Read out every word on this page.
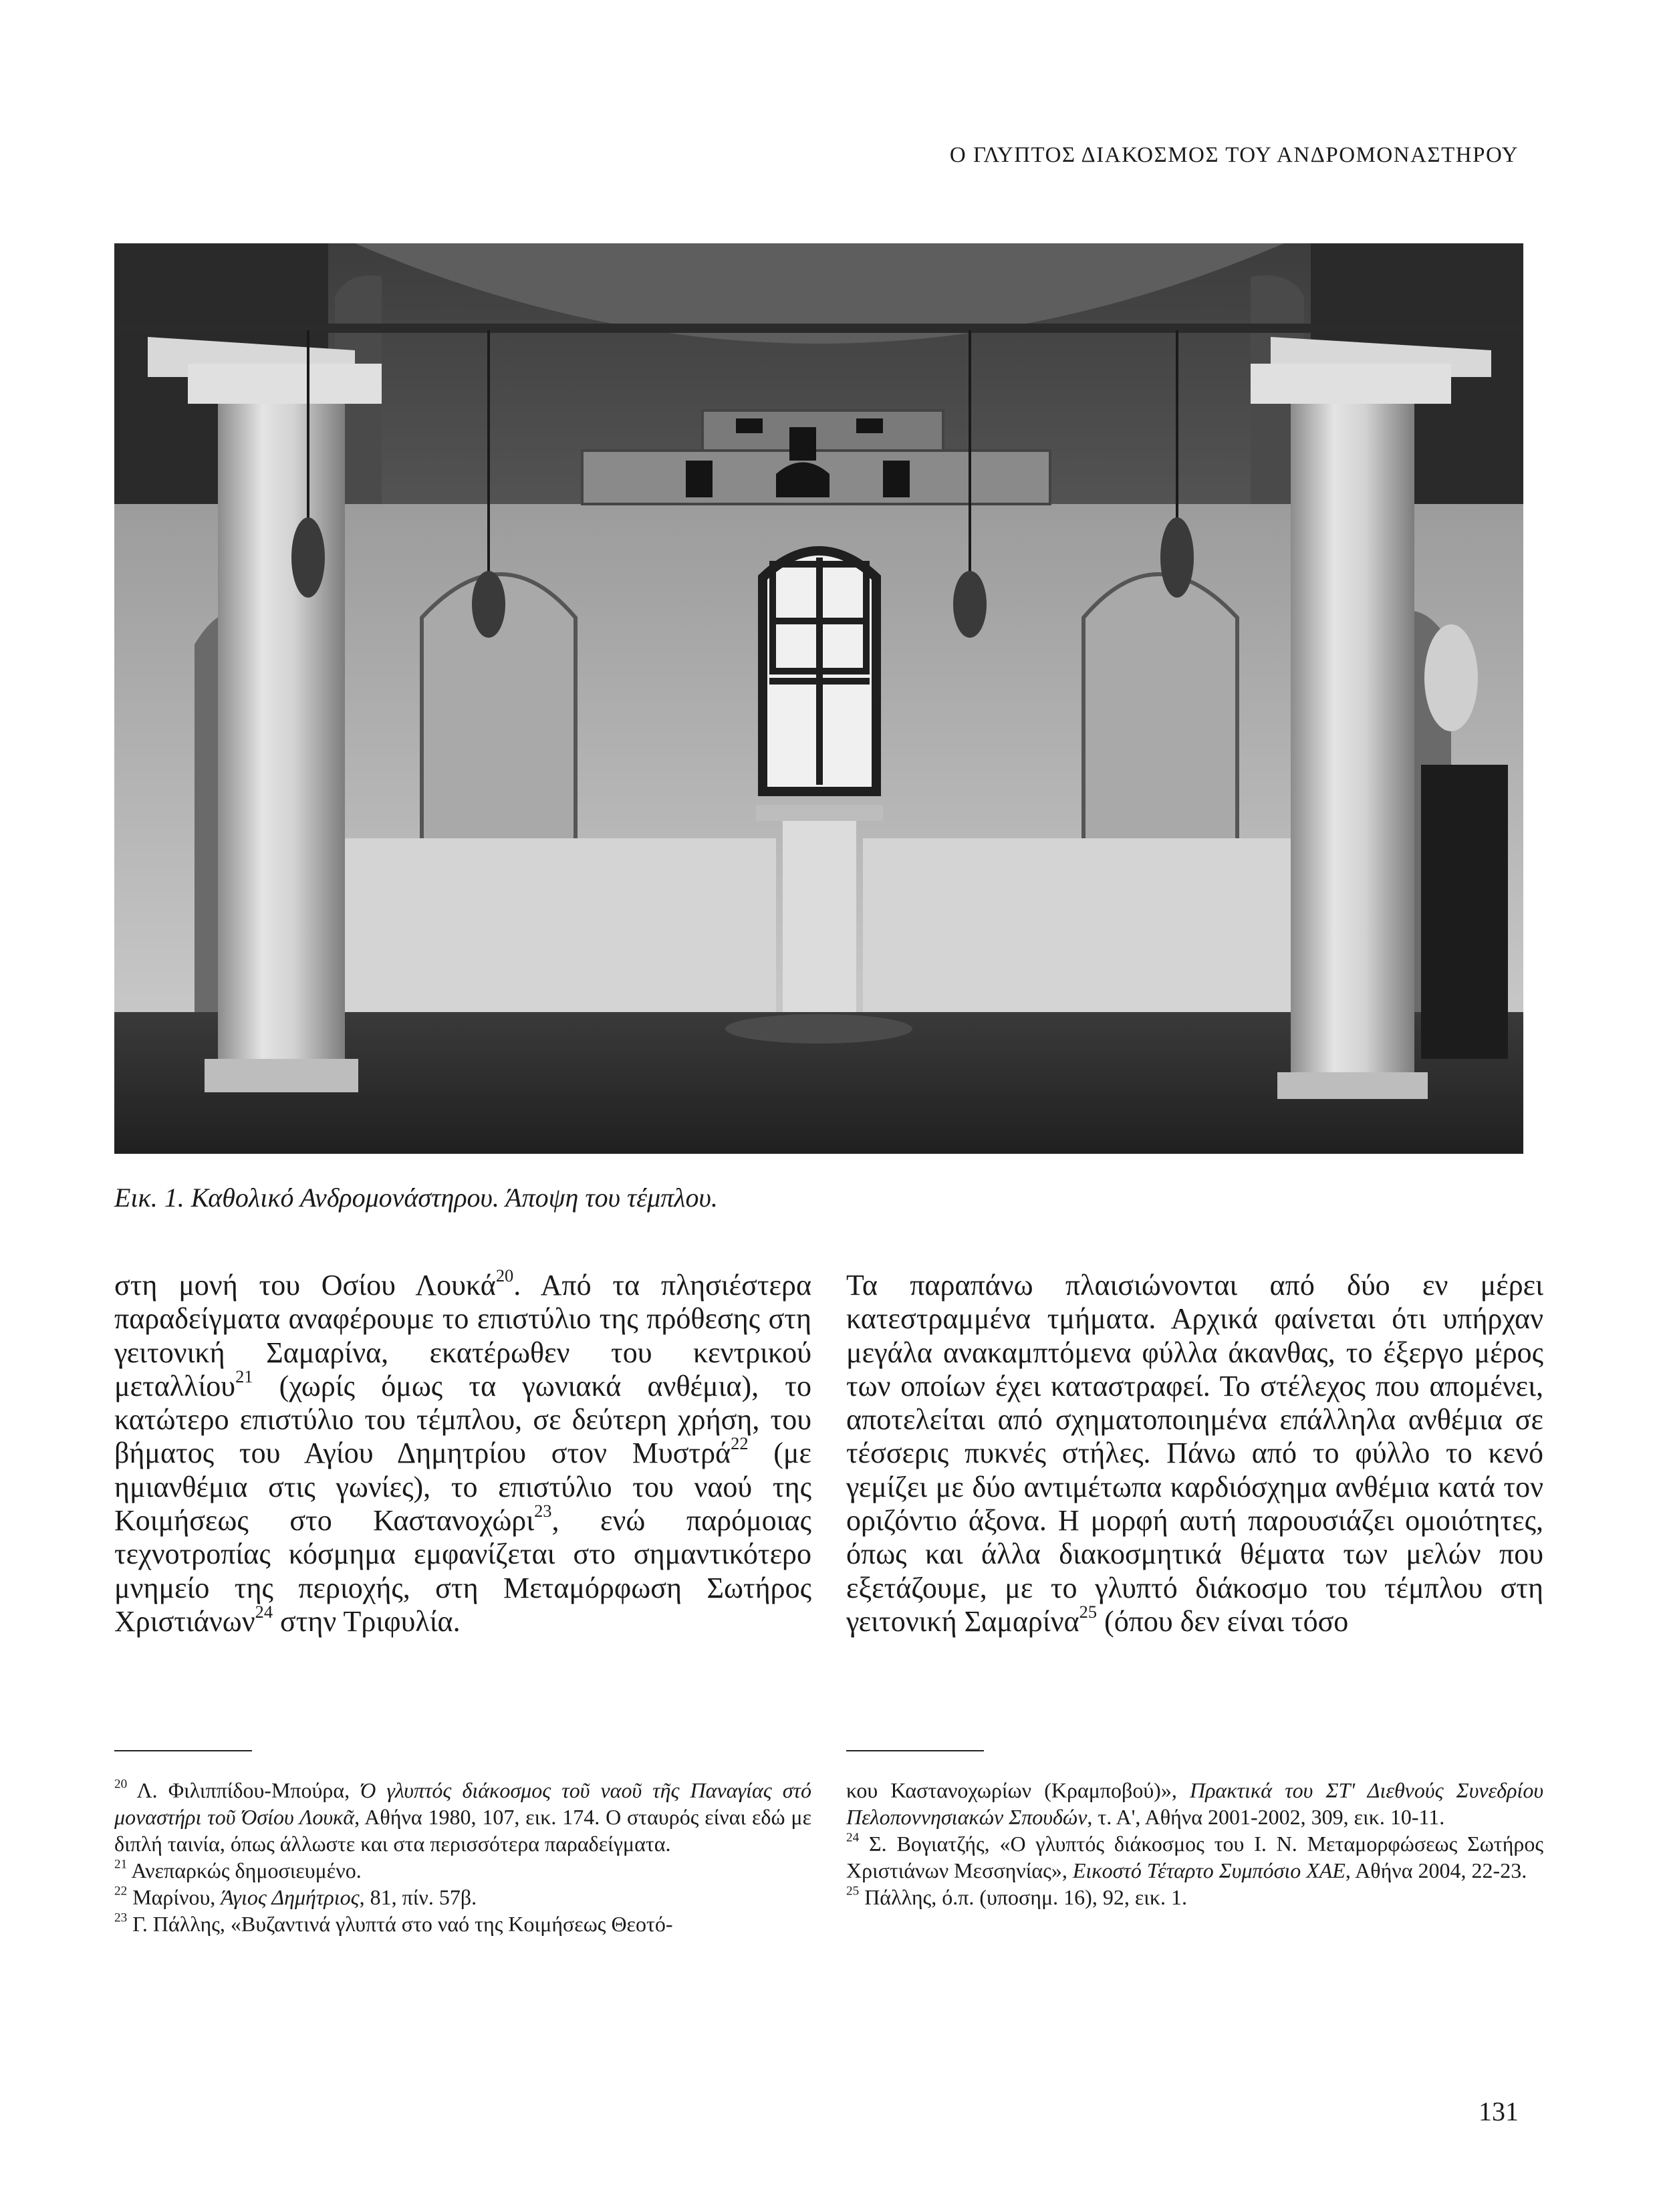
Ο ΓΛΥΠΤΟΣ ΔΙΑΚΟΣΜΟΣ ΤΟΥ ΑΝΔΡΟΜΟΝΑΣΤΗΡΟΥ
Εικ. 1. Καθολικό Ανδρομονάστηρου. Άποψη του τέμπλου.

στη μονή του Οσίου Λουκά$^{20}$. Από τα πλησιέστερα παραδείγματα αναφέρουμε το επιστύλιο της πρόθεσης στη γειτονική Σαμαρίνα, εκατέρωθεν του κεντρικού μεταλλίου$^{21}$ (χωρίς όμως τα γωνιακά ανθέμια), το κατώτερο επιστύλιο του τέμπλου, σε δεύτερη χρήση, του βήματος του Αγίου Δημητρίου στον Μυστρά$^{22}$ (με ημιανθέμια στις γωνίες), το επιστύλιο του ναού της Κοιμήσεως στο Καστανοχώρι$^{23}$, ενώ παρόμοιας τεχνοτροπίας κόσμημα εμφανίζεται στο σημαντικότερο μνημείο της περιοχής, στη Μεταμόρφωση Σωτήρος Χριστιάνων$^{24}$ στην Τριφυλία.

Τα παραπάνω πλαισιώνονται από δύο εν μέρει κατεστραμμένα τμήματα. Αρχικά φαίνεται ότι υπήρχαν μεγάλα ανακαμπτόμενα φύλλα άκανθας, το έξεργο μέρος των οποίων έχει καταστραφεί. Το στέλεχος που απομένει, αποτελείται από σχηματοποιημένα επάλληλα ανθέμια σε τέσσερις πυκνές στήλες. Πάνω από το φύλλο το κενό γεμίζει με δύο αντιμέτωπα καρδιόσχημα ανθέμια κατά τον οριζόντιο άξονα. Η μορφή αυτή παρουσιάζει ομοιότητες, όπως και άλλα διακοσμητικά θέματα των μελών που εξετάζουμε, με το γλυπτό διάκοσμο του τέμπλου στη γειτονική Σαμαρίνα$^{25}$ (όπου δεν είναι τόσο

$^{20}$ Λ. Φιλιππίδου-Μπούρα, Ό γλυπτός διάκοσμος τοῦ ναοῦ τῆς Παναγίας στό μοναστήρι τοῦ Όσίου Λουκᾶ, Αθήνα 1980, 107, εικ. 174. Ο σταυρός είναι εδώ με διπλή ταινία, όπως άλλωστε και στα περισσότερα παραδείγματα.

$^{21}$ Ανεπαρκώς δημοσιευμένο.

$^{22}$ Μαρίνου, Άγιος Δημήτριος, 81, πίν. 57β.

$^{23}$ Γ. Πάλλης, «Βυζαντινά γλυπτά στο ναό της Κοιμήσεως Θεοτό-

κου Καστανοχωρίων (Κραμποβού)», Πρακτικά του ΣΤ' Διεθνούς Συνεδρίου Πελοποννησιακών Σπουδών, τ. Α', Αθήνα 2001-2002, 309, εικ. 10-11.

$^{24}$ Σ. Βογιατζής, «Ο γλυπτός διάκοσμος του Ι. Ν. Μεταμορφώσεως Σωτήρος Χριστιάνων Μεσσηνίας», Εικοστό Τέταρτο Συμπόσιο ΧΑΕ, Αθήνα 2004, 22-23.

$^{25}$ Πάλλης, ό.π. (υποσημ. 16), 92, εικ. 1.

131
